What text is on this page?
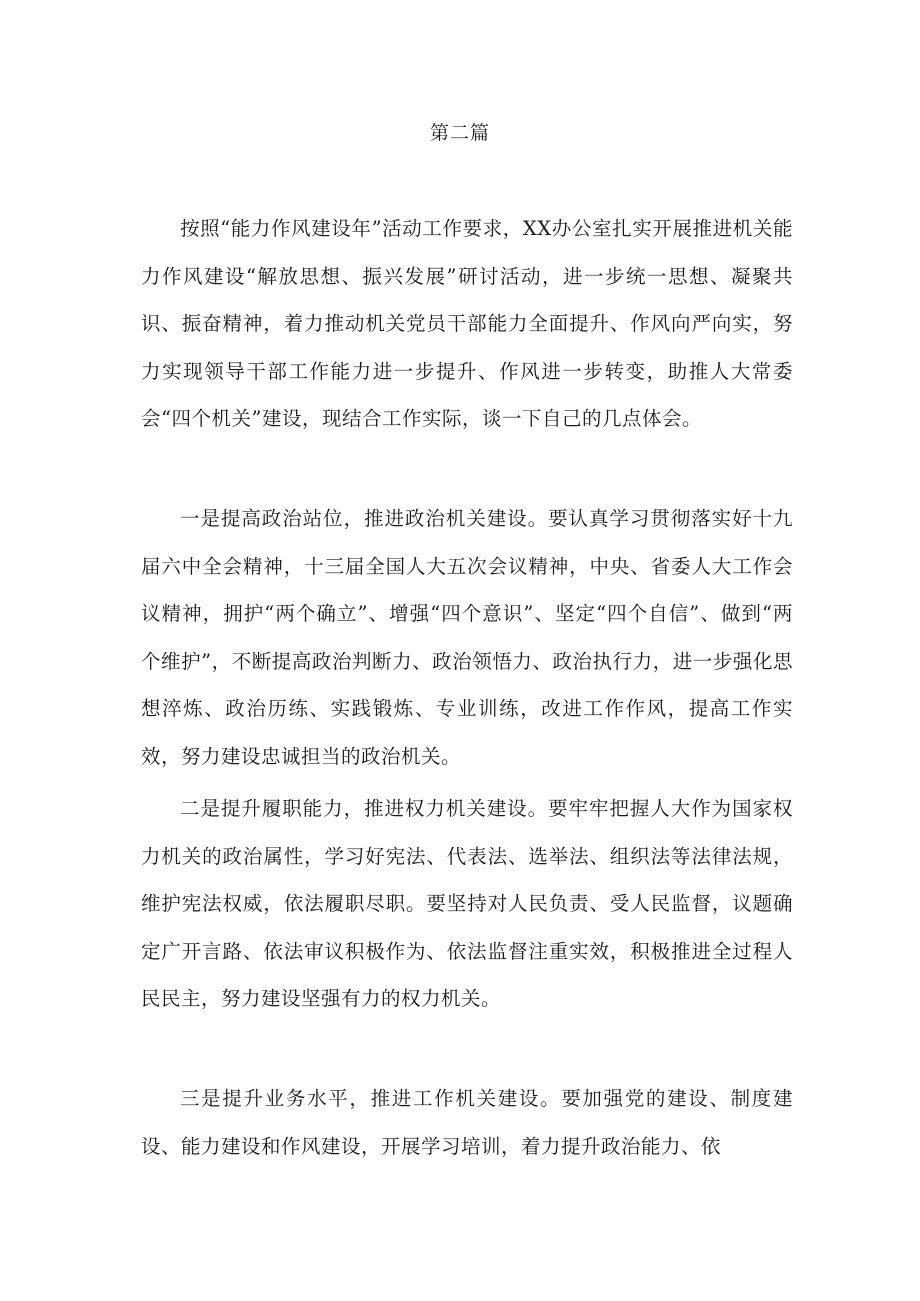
第二篇

按照“能力作风建设年”活动工作要求，XX办公室扎实开展推进机关能力作风建设“解放思想、振兴发展”研讨活动，进一步统一思想、凝聚共识、振奋精神，着力推动机关党员干部能力全面提升、作风向严向实，努力实现领导干部工作能力进一步提升、作风进一步转变，助推人大常委会“四个机关”建设，现结合工作实际，谈一下自己的几点体会。

一是提高政治站位，推进政治机关建设。要认真学习贯彻落实好十九届六中全会精神，十三届全国人大五次会议精神，中央、省委人大工作会议精神，拥护“两个确立”、增强“四个意识”、坚定“四个自信”、做到“两个维护”，不断提高政治判断力、政治领悟力、政治执行力，进一步强化思想淬炼、政治历练、实践锻炼、专业训练，改进工作作风，提高工作实效，努力建设忠诚担当的政治机关。

二是提升履职能力，推进权力机关建设。要牢牢把握人大作为国家权力机关的政治属性，学习好宪法、代表法、选举法、组织法等法律法规，维护宪法权威，依法履职尽职。要坚持对人民负责、受人民监督，议题确定广开言路、依法审议积极作为、依法监督注重实效，积极推进全过程人民民主，努力建设坚强有力的权力机关。

三是提升业务水平，推进工作机关建设。要加强党的建设、制度建设、能力建设和作风建设，开展学习培训，着力提升政治能力、依
